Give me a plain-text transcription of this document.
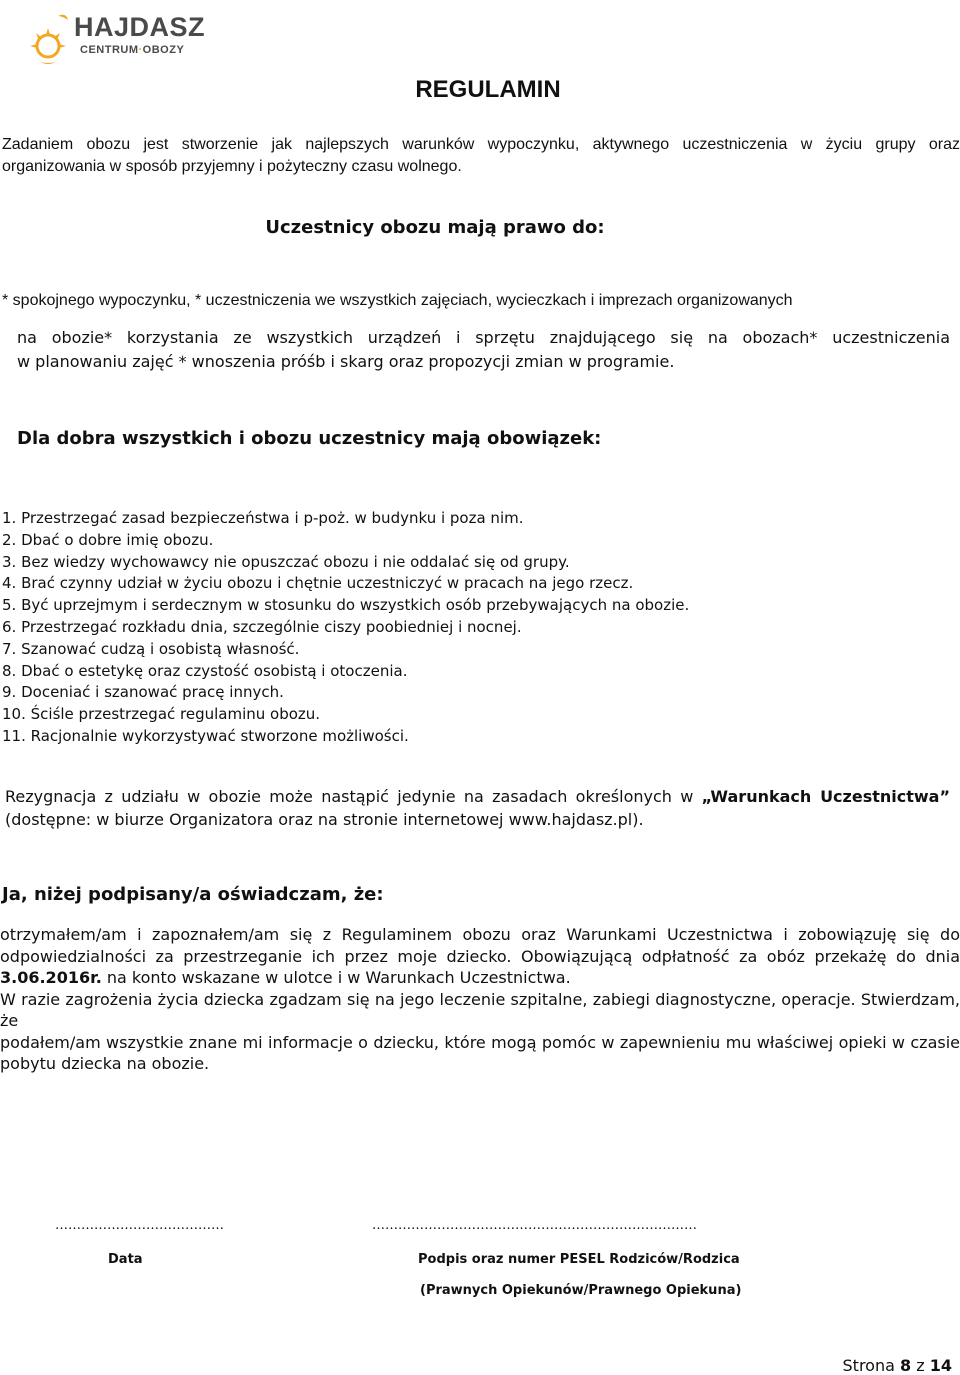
HAJDASZ
CENTRUM·OBOZY
REGULAMIN

Zadaniem obozu jest stworzenie jak najlepszych warunków wypoczynku, aktywnego uczestniczenia w życiu grupy oraz

organizowania w sposób przyjemny i pożyteczny czasu wolnego.

Uczestnicy obozu mają prawo do:
* spokojnego wypoczynku, * uczestniczenia we wszystkich zajęciach, wycieczkach i imprezach organizowanych

na obozie* korzystania ze wszystkich urządzeń i sprzętu znajdującego się na obozach* uczestniczenia

w planowaniu zajęć * wnoszenia próśb i skarg oraz propozycji zmian w programie.

Dla dobra wszystkich i obozu uczestnicy mają obowiązek:
1. Przestrzegać zasad bezpieczeństwa i p-poż. w budynku i poza nim.
2. Dbać o dobre imię obozu.
3. Bez wiedzy wychowawcy nie opuszczać obozu i nie oddalać się od grupy.
4. Brać czynny udział w życiu obozu i chętnie uczestniczyć w pracach na jego rzecz.
5. Być uprzejmym i serdecznym w stosunku do wszystkich osób przebywających na obozie.
6. Przestrzegać rozkładu dnia, szczególnie ciszy poobiedniej i nocnej.
7. Szanować cudzą i osobistą własność.
8. Dbać o estetykę oraz czystość osobistą i otoczenia.
9. Doceniać i szanować pracę innych.
10. Ściśle przestrzegać regulaminu obozu.
11. Racjonalnie wykorzystywać stworzone możliwości.

Rezygnacja z udziału w obozie może nastąpić jedynie na zasadach określonych w „Warunkach Uczestnictwa”

(dostępne: w biurze Organizatora oraz na stronie internetowej www.hajdasz.pl).

Ja, niżej podpisany/a oświadczam, że:

otrzymałem/am i zapoznałem/am się z Regulaminem obozu oraz Warunkami Uczestnictwa i zobowiązuję się do

odpowiedzialności za przestrzeganie ich przez moje dziecko. Obowiązującą odpłatność za obóz przekażę do dnia

3.06.2016r. na konto wskazane w ulotce i w Warunkach Uczestnictwa.

W razie zagrożenia życia dziecka zgadzam się na jego leczenie szpitalne, zabiegi diagnostyczne, operacje. Stwierdzam, że

podałem/am wszystkie znane mi informacje o dziecku, które mogą pomóc w zapewnieniu mu właściwej opieki w czasie

pobytu dziecka na obozie.

…………………………………	…………………………………………………………………
Data	Podpis oraz numer PESEL Rodziców/Rodzica
(Prawnych Opiekunów/Prawnego Opiekuna)
Strona 8 z 14
